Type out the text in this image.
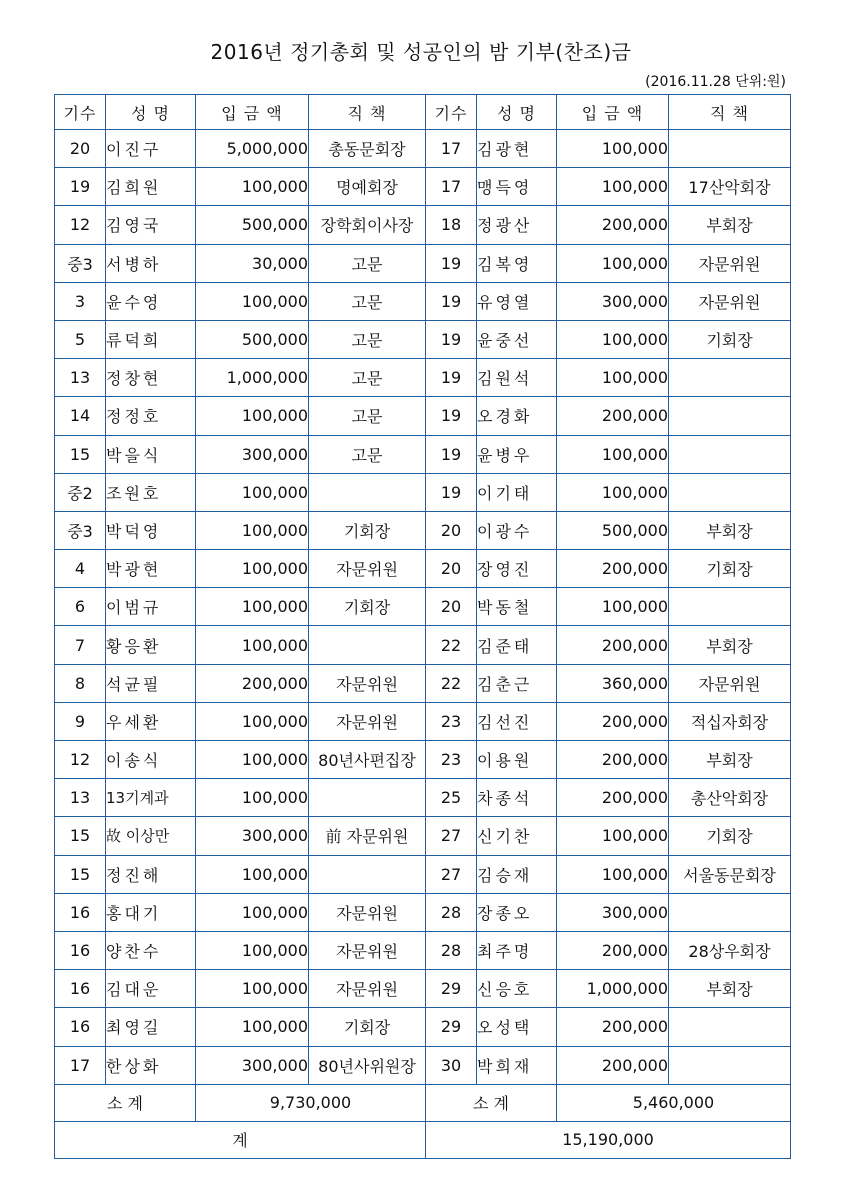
2016년 정기총회 및 성공인의 밤 기부(찬조)금
(2016.11.28 단위:원)
기수	성 명	입 금 액	직 책	기수	성 명	입 금 액	직 책
20	이진구	5,000,000	총동문회장	17	김광현	100,000	
19	김희원	100,000	명예회장	17	맹득영	100,000	17산악회장
12	김영국	500,000	장학회이사장	18	정광산	200,000	부회장
중3	서병하	30,000	고문	19	김복영	100,000	자문위원
3	윤수영	100,000	고문	19	유영열	300,000	자문위원
5	류덕희	500,000	고문	19	윤중선	100,000	기회장
13	정창현	1,000,000	고문	19	김원석	100,000	
14	정정호	100,000	고문	19	오경화	200,000	
15	박을식	300,000	고문	19	윤병우	100,000	
중2	조원호	100,000		19	이기태	100,000	
중3	박덕영	100,000	기회장	20	이광수	500,000	부회장
4	박광현	100,000	자문위원	20	장영진	200,000	기회장
6	이범규	100,000	기회장	20	박동철	100,000	
7	황응환	100,000		22	김준태	200,000	부회장
8	석균필	200,000	자문위원	22	김춘근	360,000	자문위원
9	우세환	100,000	자문위원	23	김선진	200,000	적십자회장
12	이송식	100,000	80년사편집장	23	이용원	200,000	부회장
13	13기계과	100,000		25	차종석	200,000	총산악회장
15	故 이상만	300,000	前 자문위원	27	신기찬	100,000	기회장
15	정진해	100,000		27	김승재	100,000	서울동문회장
16	홍대기	100,000	자문위원	28	장종오	300,000	
16	양찬수	100,000	자문위원	28	최주명	200,000	28상우회장
16	김대운	100,000	자문위원	29	신응호	1,000,000	부회장
16	최영길	100,000	기회장	29	오성택	200,000	
17	한상화	300,000	80년사위원장	30	박희재	200,000	
소 계		9,730,000		소 계		5,460,000	
계				15,190,000			
